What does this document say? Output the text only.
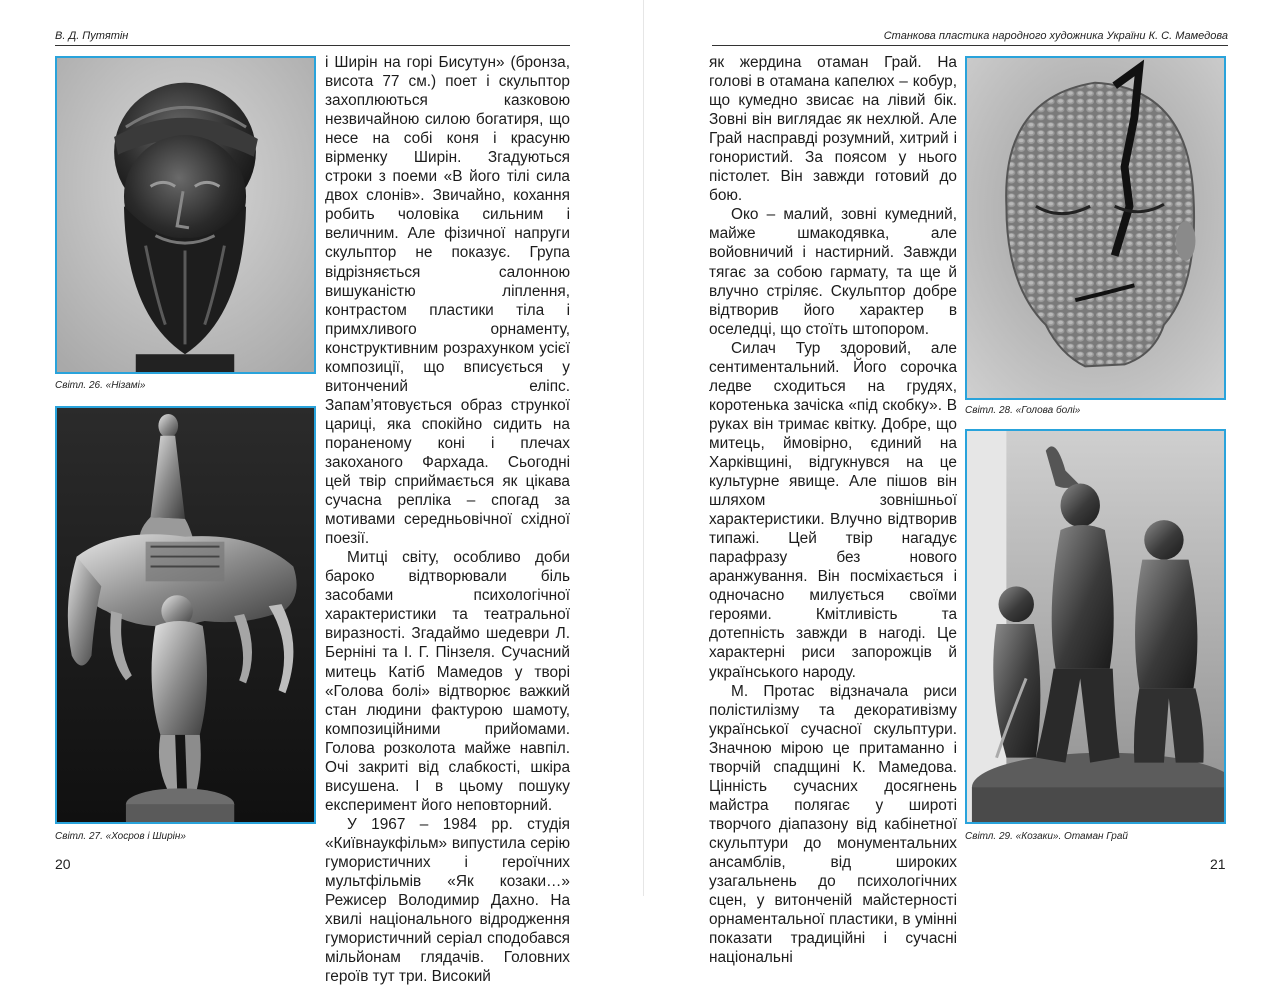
В. Д. Путятін
Світл. 26. «Нізамі»
Світл. 27. «Хосров і Ширін»

і Ширін на горі Бисутун» (бронза, висота 77 см.) поет і скульптор захоплюються казковою незвичайною силою богатиря, що несе на собі коня і красуню вірменку Ширін. Згадуються строки з поеми «В його тілі сила двох слонів». Звичайно, кохання робить чоловіка сильним і величним. Але фізичної напруги скульптор не показує. Група відрізняється салонною вишуканістю ліплення, контрастом пластики тіла і примхливого орнаменту, конструктивним розрахунком усієї композиції, що вписується у витончений еліпс. Запам’ятовується образ стрункої цариці, яка спокійно сидить на пораненому коні і плечах закоханого Фархада. Сьогодні цей твір сприймається як цікава сучасна репліка – спогад за мотивами середньовічної східної поезії.

Митці світу, особливо доби бароко відтворювали біль засобами психологічної характеристики та театральної виразності. Згадаймо шедеври Л. Берніні та І. Г. Пінзеля. Сучасний митець Катіб Мамедов у творі «Голова болі» відтворює важкий стан людини фактурою шамоту, композиційними прийомами. Голова розколота майже навпіл. Очі закриті від слабкості, шкіра висушена. І в цьому пошуку експеримент його неповторний.

У 1967 – 1984 рр. студія «Київнаукфільм» випустила серію гумористичних і героїчних мультфільмів «Як козаки…» Режисер Володимир Дахно. На хвилі національного відродження гумористичний серіал сподобався мільйонам глядачів. Головних героїв тут три. Високий

20
Станкова пластика народного художника України К. С. Мамедова

як жердина отаман Грай. На голові в отамана капелюх – кобур, що кумедно звисає на лівий бік. Зовні він виглядає як нехлюй. Але Грай насправді розумний, хитрий і гонористий. За поясом у нього пістолет. Він завжди готовий до бою.

Око – малий, зовні кумедний, майже шмакодявка, але войовничий і настирний. Завжди тягає за собою гармату, та ще й влучно стріляє. Скульптор добре відтворив його характер в оселедці, що стоїть штопором.

Силач Тур здоровий, але сентиментальний. Його сорочка ледве сходиться на грудях, коротенька зачіска «під скобку». В руках він тримає квітку. Добре, що митець, ймовірно, єдиний на Харківщині, відгукнувся на це культурне явище. Але пішов він шляхом зовнішньої характеристики. Влучно відтворив типажі. Цей твір нагадує парафразу без нового аранжування. Він посміхається і одночасно милується своїми героями. Кмітливість та дотепність завжди в нагоді. Це характерні риси запорожців й українського народу.

М. Протас відзначала риси полістилізму та декоративізму української сучасної скульптури. Значною мірою це притаманно і творчій спадщині К. Мамедова. Цінність сучасних досягнень майстра полягає у широті творчого діапазону від кабінетної скульптури до монументальних ансамблів, від широких узагальнень до психологічних сцен, у витонченій майстерності орнаментальної пластики, в умінні показати традиційні і сучасні національні

Світл. 28. «Голова болі»
Світл. 29. «Козаки». Отаман Грай
21
